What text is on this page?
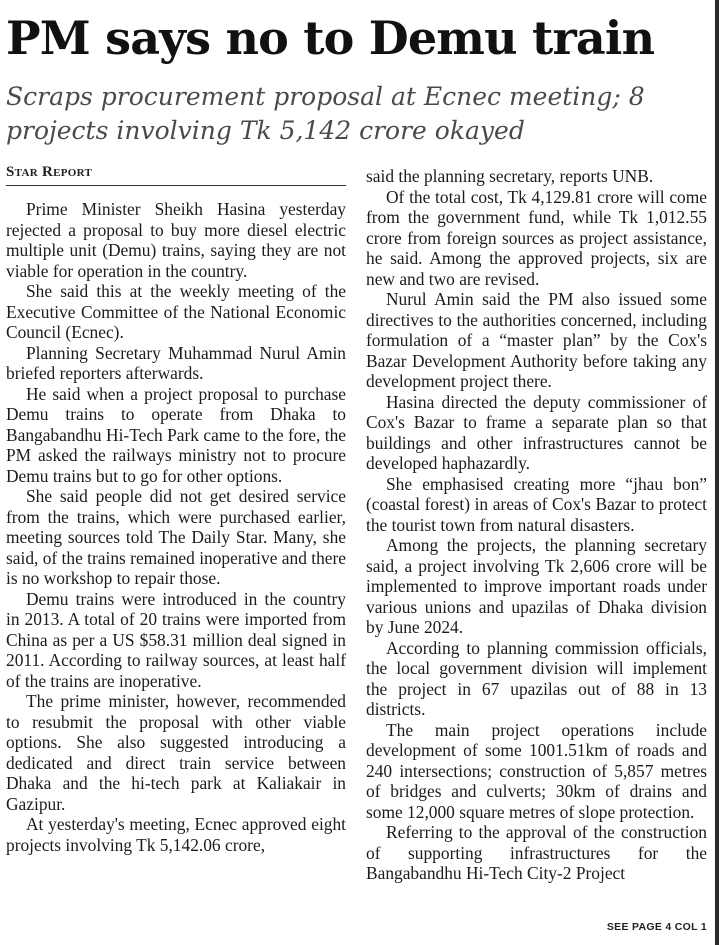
PM says no to Demu train
Scraps procurement proposal at Ecnec meeting; 8 projects involving Tk 5,142 crore okayed
Star Report

Prime Minister Sheikh Hasina yesterday rejected a proposal to buy more diesel electric multiple unit (Demu) trains, saying they are not viable for operation in the country.

She said this at the weekly meeting of the Executive Committee of the National Economic Council (Ecnec).

Planning Secretary Muhammad Nurul Amin briefed reporters afterwards.

He said when a project proposal to purchase Demu trains to operate from Dhaka to Bangabandhu Hi-Tech Park came to the fore, the PM asked the railways ministry not to procure Demu trains but to go for other options.

She said people did not get desired service from the trains, which were purchased earlier, meeting sources told The Daily Star. Many, she said, of the trains remained inoperative and there is no workshop to repair those.

Demu trains were introduced in the country in 2013. A total of 20 trains were imported from China as per a US $58.31 million deal signed in 2011. According to railway sources, at least half of the trains are inoperative.

The prime minister, however, recommended to resubmit the proposal with other viable options. She also suggested introducing a dedicated and direct train service between Dhaka and the hi-tech park at Kaliakair in Gazipur.

At yesterday's meeting, Ecnec approved eight projects involving Tk 5,142.06 crore,

said the planning secretary, reports UNB.

Of the total cost, Tk 4,129.81 crore will come from the government fund, while Tk 1,012.55 crore from foreign sources as project assistance, he said. Among the approved projects, six are new and two are revised.

Nurul Amin said the PM also issued some directives to the authorities concerned, including formulation of a “master plan” by the Cox's Bazar Development Authority before taking any development project there.

Hasina directed the deputy commissioner of Cox's Bazar to frame a separate plan so that buildings and other infrastructures cannot be developed haphazardly.

She emphasised creating more “jhau bon” (coastal forest) in areas of Cox's Bazar to protect the tourist town from natural disasters.

Among the projects, the planning secretary said, a project involving Tk 2,606 crore will be implemented to improve important roads under various unions and upazilas of Dhaka division by June 2024.

According to planning commission officials, the local government division will implement the project in 67 upazilas out of 88 in 13 districts.

The main project operations include development of some 1001.51km of roads and 240 intersections; construction of 5,857 metres of bridges and culverts; 30km of drains and some 12,000 square metres of slope protection.

Referring to the approval of the construction of supporting infrastructures for the Bangabandhu Hi-Tech City-2 Project

SEE PAGE 4 COL 1
